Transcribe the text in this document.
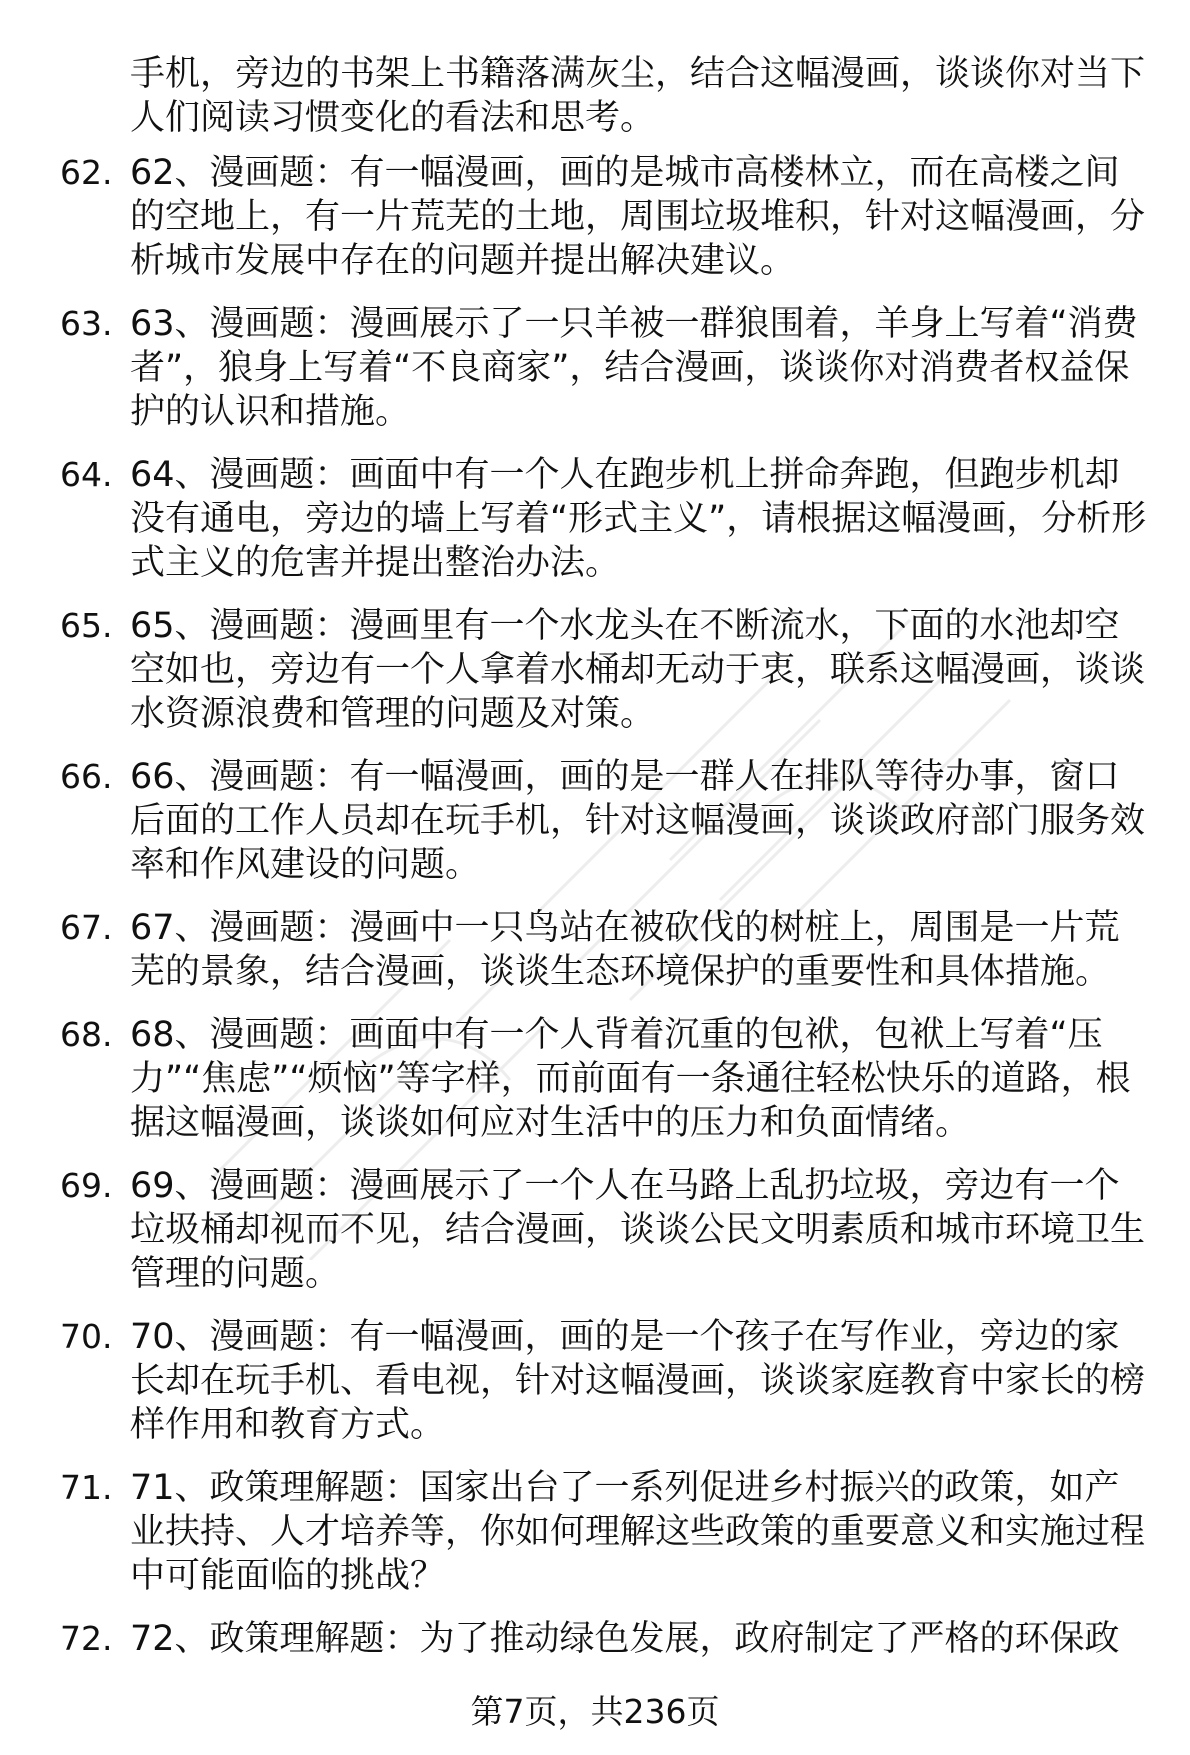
手机，旁边的书架上书籍落满灰尘，结合这幅漫画，谈谈你对当下人们阅读习惯变化的看法和思考。
62. 62、漫画题：有一幅漫画，画的是城市高楼林立，而在高楼之间的空地上，有一片荒芜的土地，周围垃圾堆积，针对这幅漫画，分析城市发展中存在的问题并提出解决建议。
63. 63、漫画题：漫画展示了一只羊被一群狼围着，羊身上写着“消费者”，狼身上写着“不良商家”，结合漫画，谈谈你对消费者权益保护的认识和措施。
64. 64、漫画题：画面中有一个人在跑步机上拼命奔跑，但跑步机却没有通电，旁边的墙上写着“形式主义”，请根据这幅漫画，分析形式主义的危害并提出整治办法。
65. 65、漫画题：漫画里有一个水龙头在不断流水，下面的水池却空空如也，旁边有一个人拿着水桶却无动于衷，联系这幅漫画，谈谈水资源浪费和管理的问题及对策。
66. 66、漫画题：有一幅漫画，画的是一群人在排队等待办事，窗口后面的工作人员却在玩手机，针对这幅漫画，谈谈政府部门服务效率和作风建设的问题。
67. 67、漫画题：漫画中一只鸟站在被砍伐的树桩上，周围是一片荒芜的景象，结合漫画，谈谈生态环境保护的重要性和具体措施。
68. 68、漫画题：画面中有一个人背着沉重的包袱，包袱上写着“压力”“焦虑”“烦恼”等字样，而前面有一条通往轻松快乐的道路，根据这幅漫画，谈谈如何应对生活中的压力和负面情绪。
69. 69、漫画题：漫画展示了一个人在马路上乱扔垃圾，旁边有一个垃圾桶却视而不见，结合漫画，谈谈公民文明素质和城市环境卫生管理的问题。
70. 70、漫画题：有一幅漫画，画的是一个孩子在写作业，旁边的家长却在玩手机、看电视，针对这幅漫画，谈谈家庭教育中家长的榜样作用和教育方式。
71. 71、政策理解题：国家出台了一系列促进乡村振兴的政策，如产业扶持、人才培养等，你如何理解这些政策的重要意义和实施过程中可能面临的挑战？
72. 72、政策理解题：为了推动绿色发展，政府制定了严格的环保政
第7页，共236页
